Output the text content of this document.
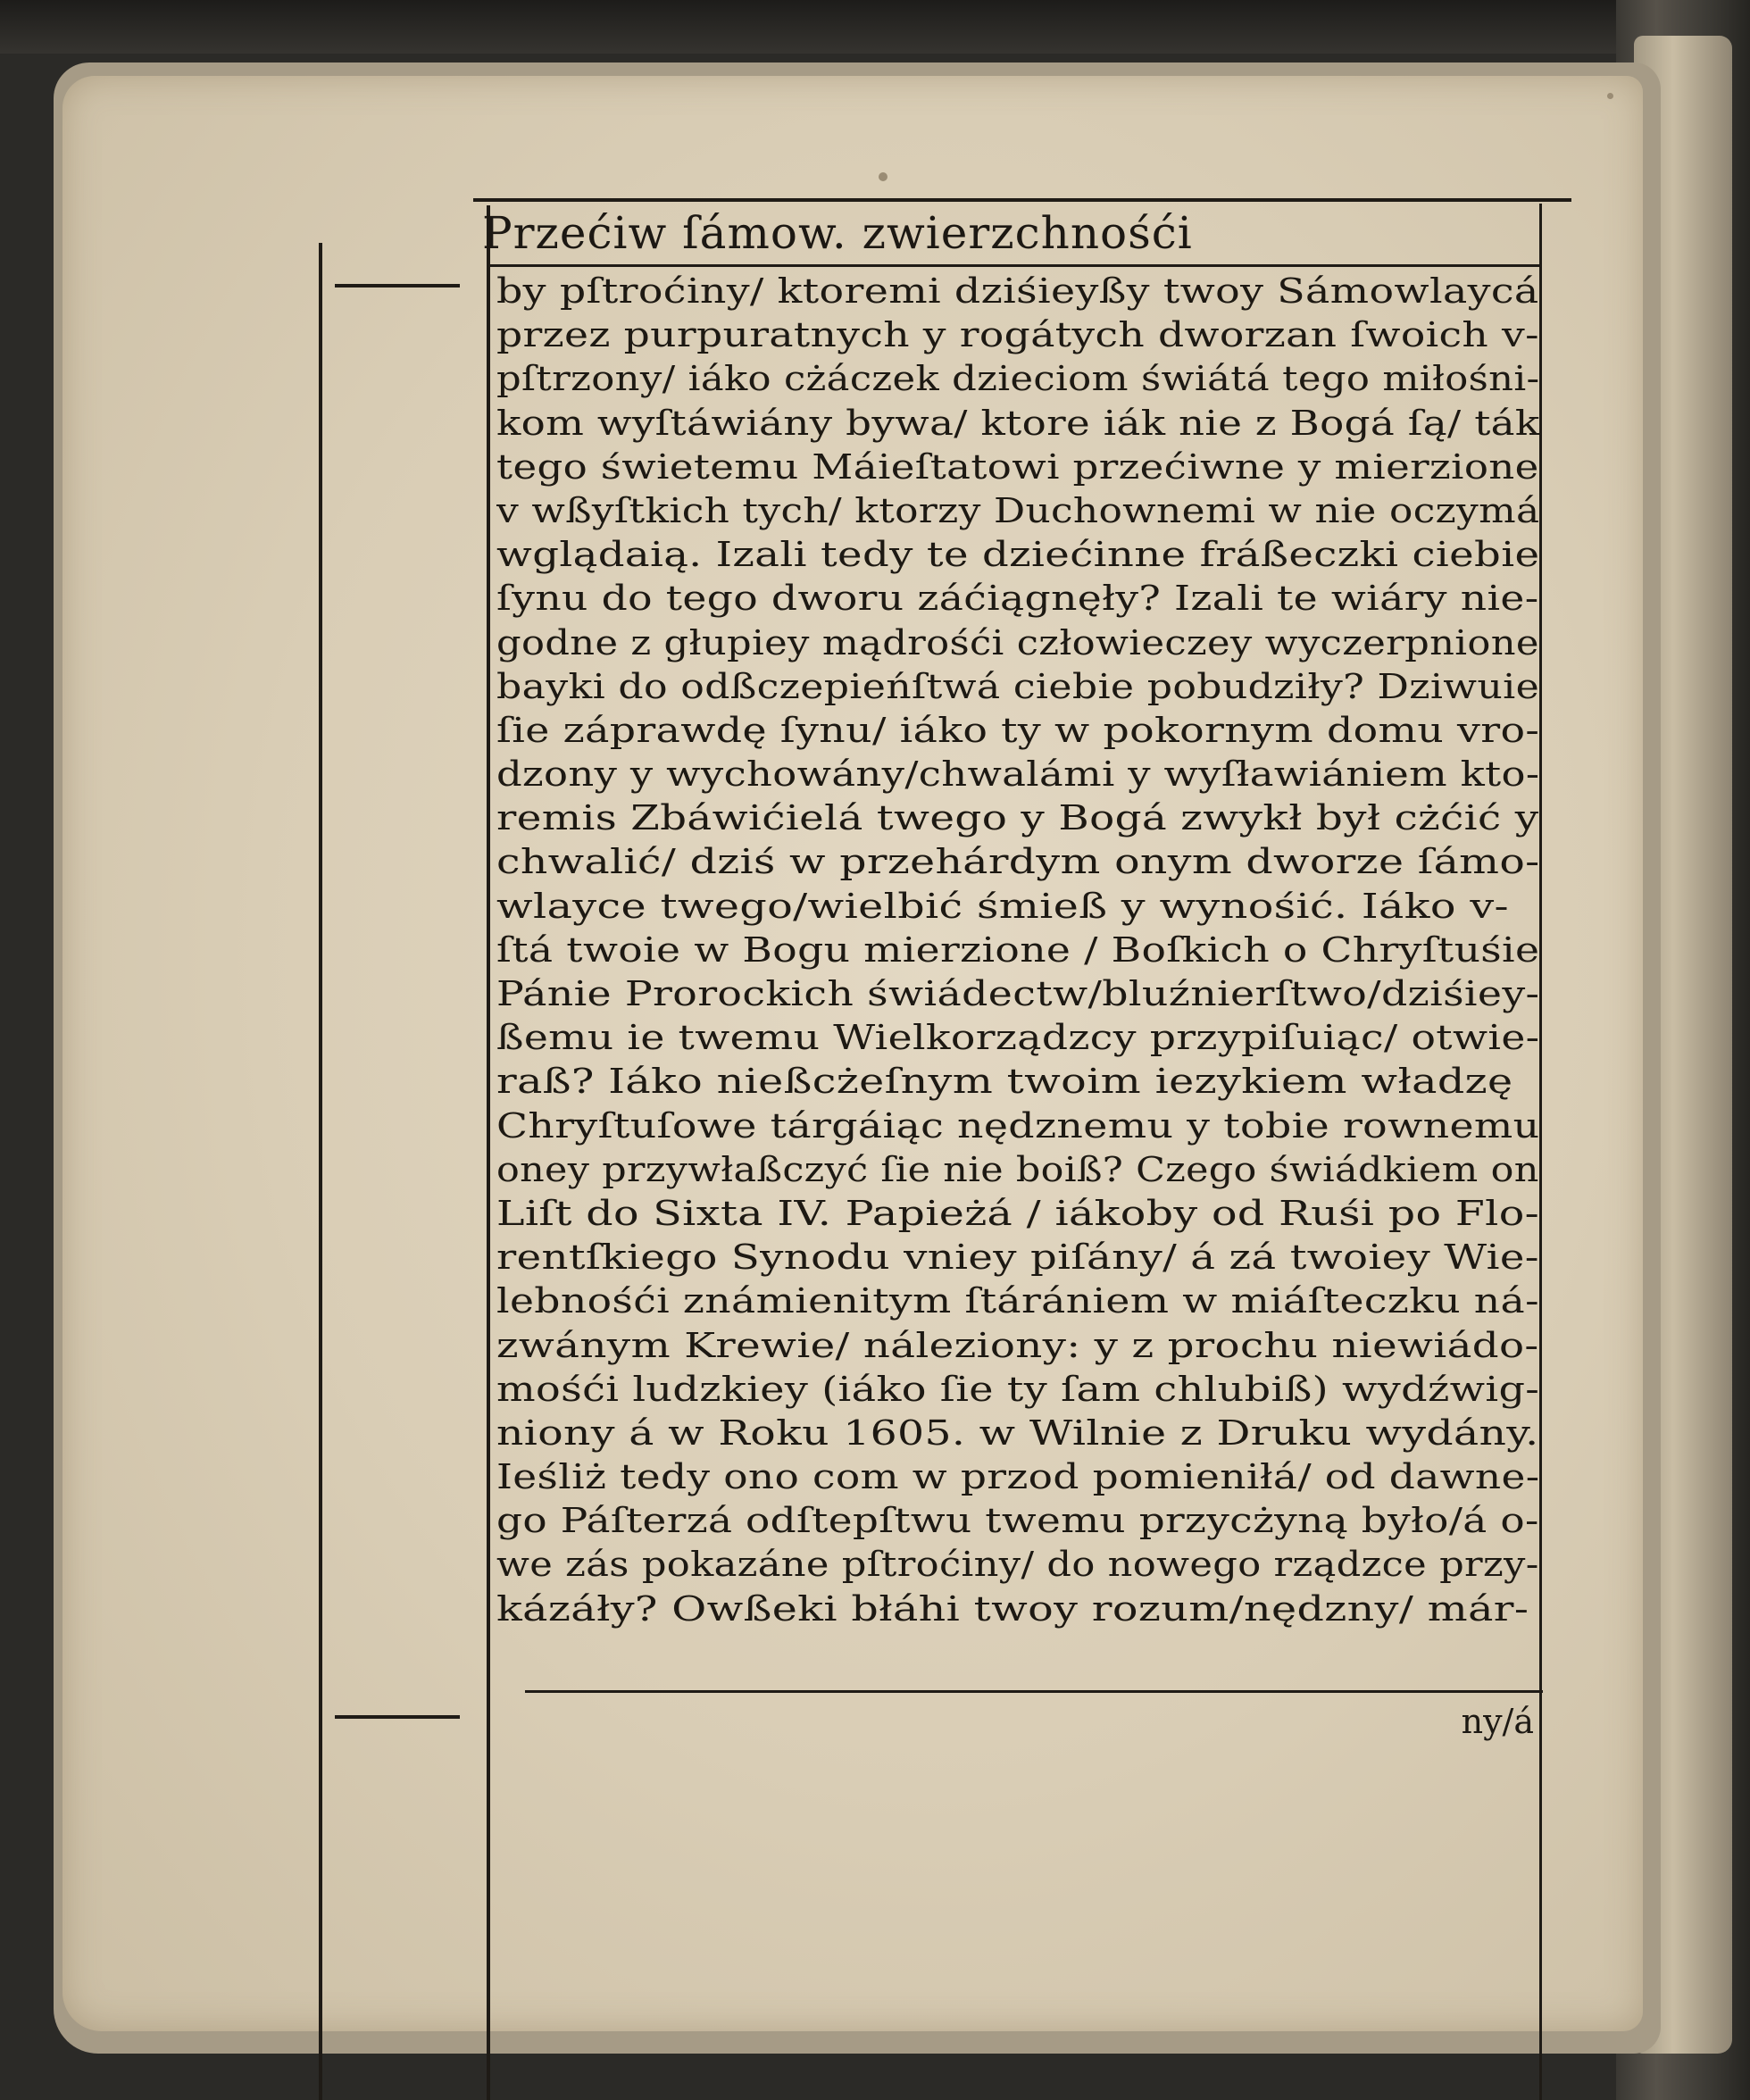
Przećiw ſámow. zwierzchnośći
by pſtroćiny/ ktoremi dziśieyßy twoy Sámowlaycá
przez purpuratnych y rogátych dworzan ſwoich v-
pſtrzony/ iáko cżáczek dzieciom świátá tego miłośni-
kom wyſtáwiány bywa/ ktore iák nie z Bogá ſą/ ták
tego świetemu Máieſtatowi przećiwne y mierzione
v wßyſtkich tych/ ktorzy Duchownemi w nie oczymá
wglądaią. Izali tedy te dziećinne fráßeczki ciebie
ſynu do tego dworu záćiągnęły? Izali te wiáry nie-
godne z głupiey mądrośći człowieczey wyczerpnione
bayki do odßczepieńſtwá ciebie pobudziły? Dziwuie
ſie záprawdę ſynu/ iáko ty w pokornym domu vro-
dzony y wychowány/chwalámi y wyſławiániem kto-
remis Zbáwićielá twego y Bogá zwykł był cżćić y
chwalić/ dziś w przehárdym onym dworze ſámo-
wlayce twego/wielbić śmieß y wynośić. Iáko v-
ſtá twoie w Bogu mierzione / Boſkich o Chryſtuśie
Pánie Prorockich świádectw/bluźnierſtwo/dziśiey-
ßemu ie twemu Wielkorządzcy przypiſuiąc/ otwie-
raß? Iáko nießcżeſnym twoim iezykiem władzę
Chryſtuſowe tárgáiąc nędznemu y tobie rownemu
oney przywłaßczyć ſie nie boiß? Czego świádkiem on
Liſt do Sixta IV. Papieżá / iákoby od Ruśi po Flo-
rentſkiego Synodu vniey piſány/ á zá twoiey Wie-
lebnośći známienitym ſtárániem w miáſteczku ná-
zwánym Krewie/ náleziony: y z prochu niewiádo-
mośći ludzkiey (iáko ſie ty ſam chlubiß) wydźwig-
niony á w Roku 1605. w Wilnie z Druku wydány.
Ieśliż tedy ono com w przod pomieniłá/ od dawne-
go Páſterzá odſtepſtwu twemu przycżyną było/á o-
we zás pokazáne pſtroćiny/ do nowego rządzce przy-
kázáły? Owßeki błáhi twoy rozum/nędzny/ már-
ny/á
